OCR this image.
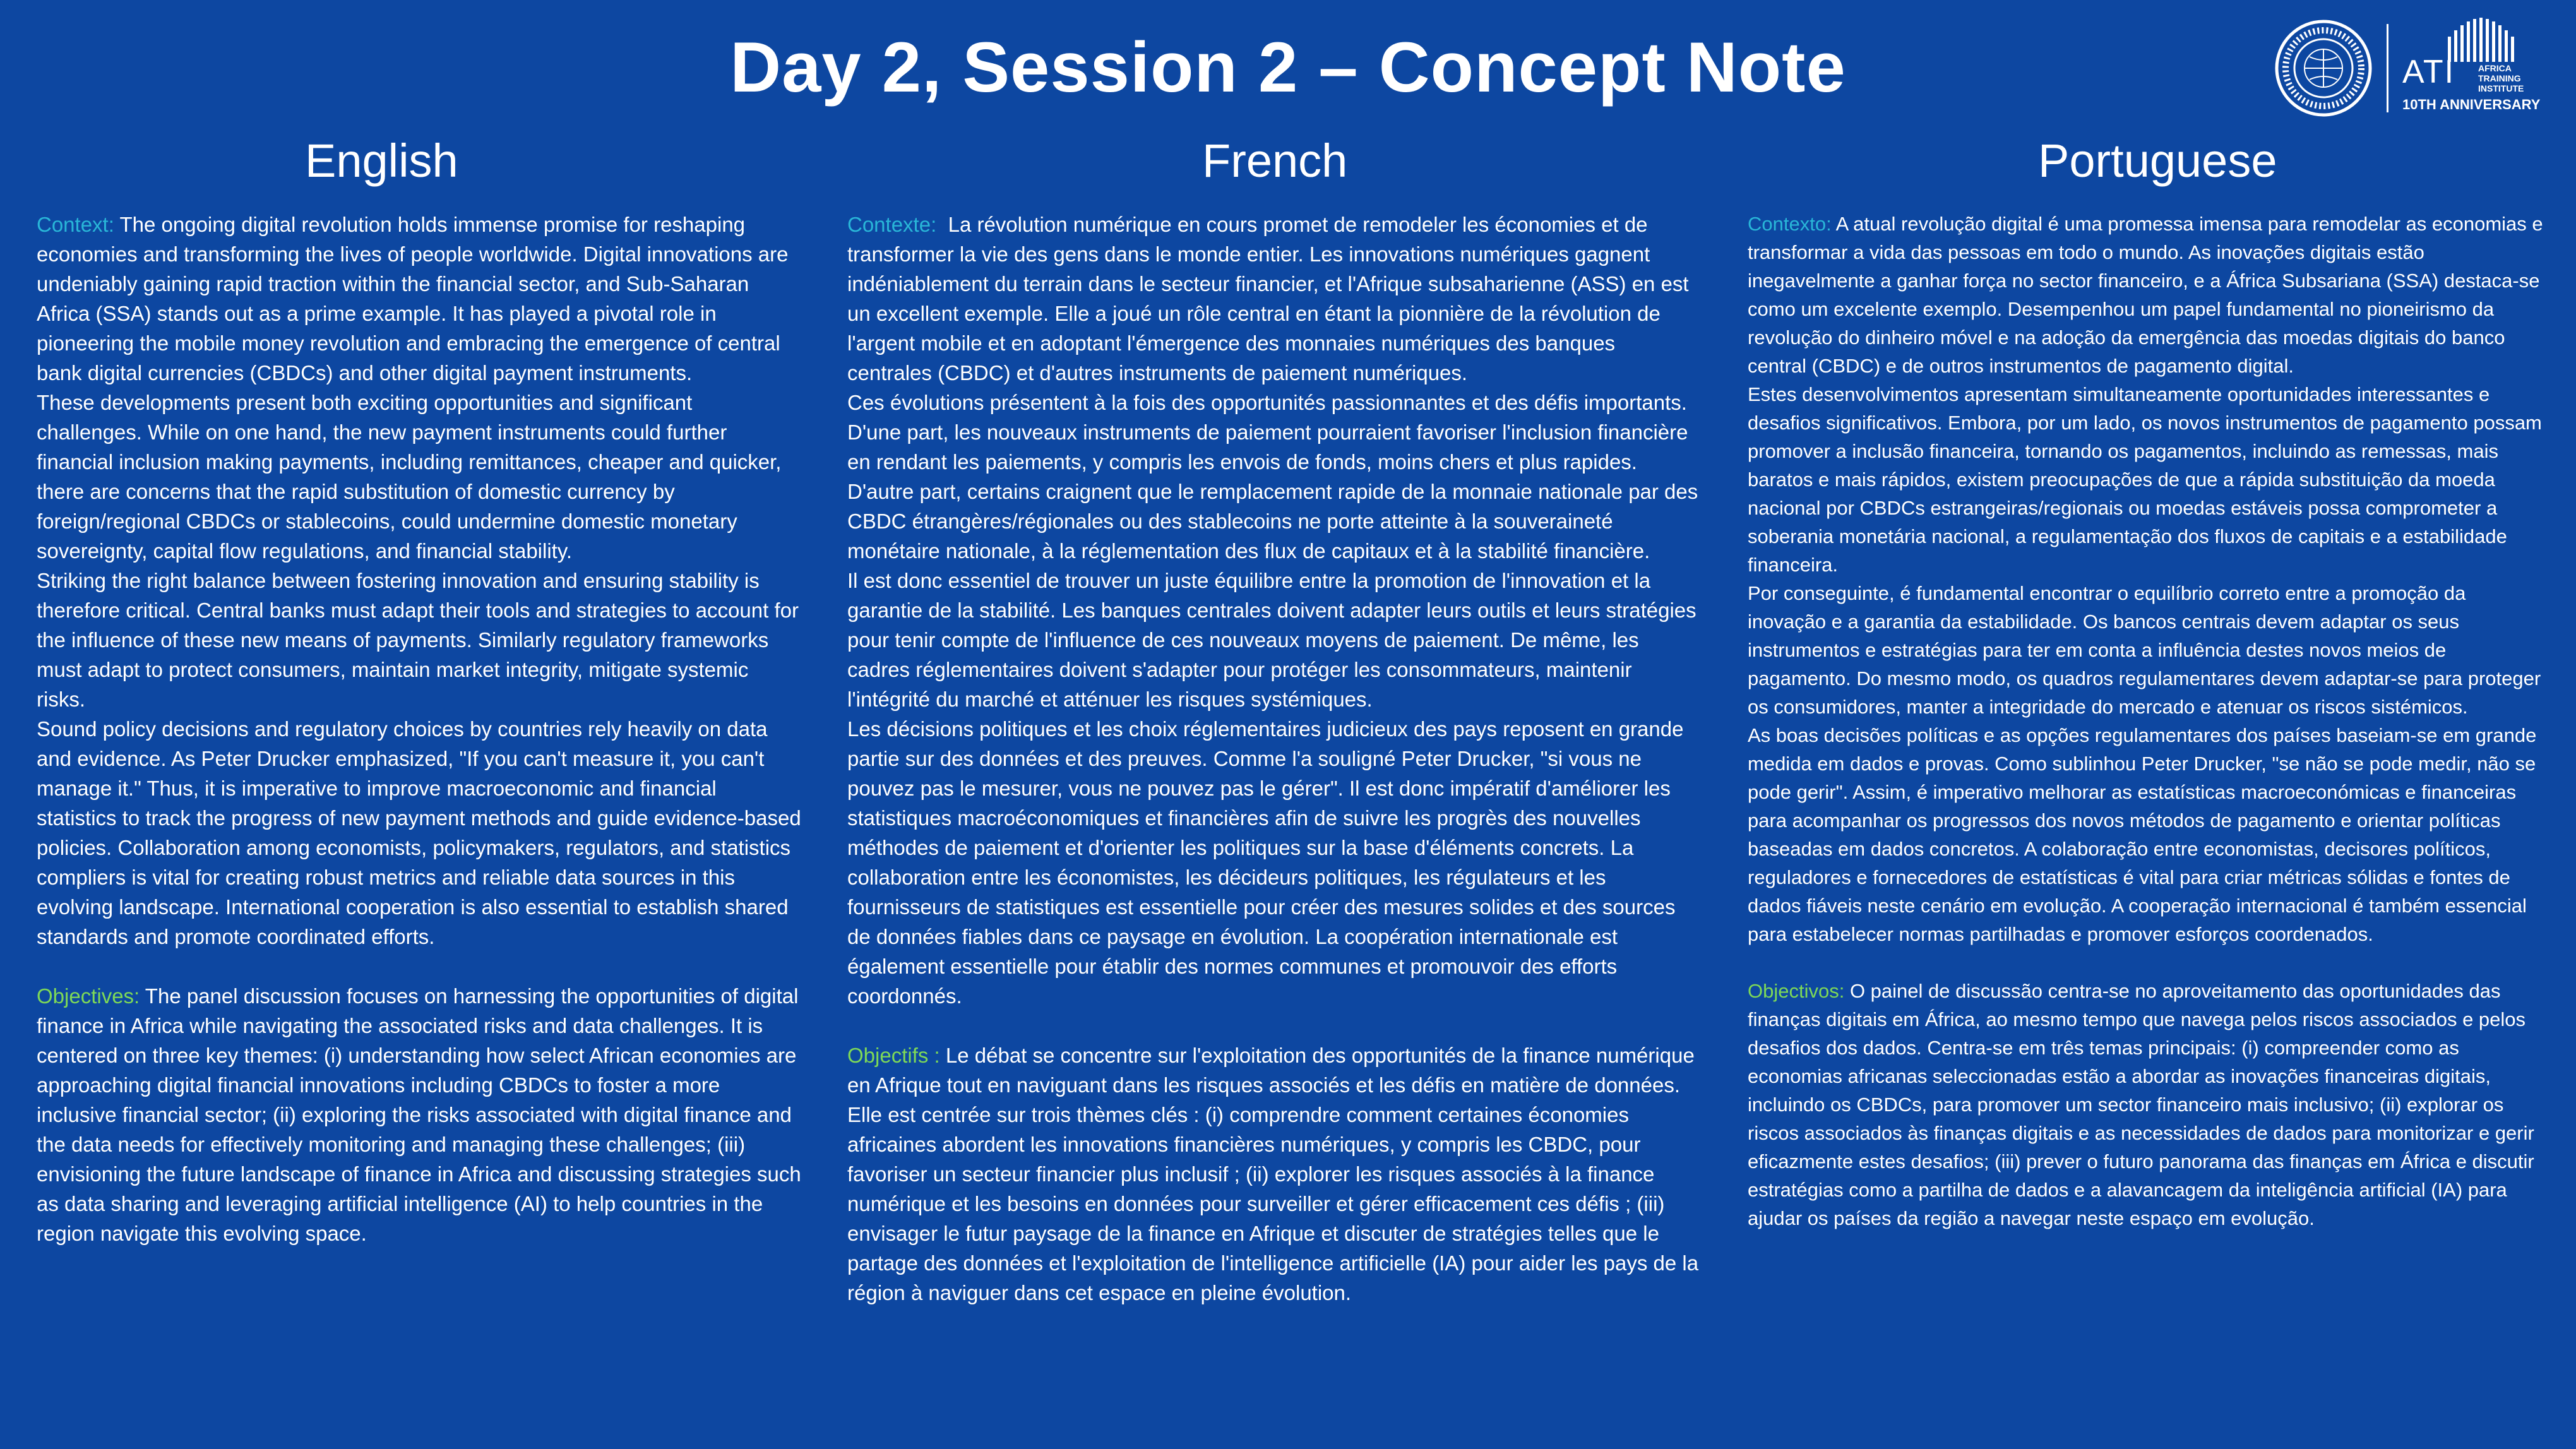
Day 2, Session 2 – Concept Note	ATI	AFRICA
TRAINING
INSTITUTE
10TH ANNIVERSARY
English

Context: The ongoing digital revolution holds immense promise for reshaping economies and transforming the lives of people worldwide. Digital innovations are undeniably gaining rapid traction within the financial sector, and Sub-Saharan Africa (SSA) stands out as a prime example. It has played a pivotal role in pioneering the mobile money revolution and embracing the emergence of central bank digital currencies (CBDCs) and other digital payment instruments.

These developments present both exciting opportunities and significant challenges. While on one hand, the new payment instruments could further financial inclusion making payments, including remittances, cheaper and quicker, there are concerns that the rapid substitution of domestic currency by foreign/regional CBDCs or stablecoins, could undermine domestic monetary sovereignty, capital flow regulations, and financial stability.

Striking the right balance between fostering innovation and ensuring stability is therefore critical. Central banks must adapt their tools and strategies to account for the influence of these new means of payments. Similarly regulatory frameworks must adapt to protect consumers, maintain market integrity, mitigate systemic risks.

Sound policy decisions and regulatory choices by countries rely heavily on data and evidence. As Peter Drucker emphasized, "If you can't measure it, you can't manage it." Thus, it is imperative to improve macroeconomic and financial statistics to track the progress of new payment methods and guide evidence-based policies. Collaboration among economists, policymakers, regulators, and statistics compliers is vital for creating robust metrics and reliable data sources in this evolving landscape. International cooperation is also essential to establish shared standards and promote coordinated efforts.

Objectives: The panel discussion focuses on harnessing the opportunities of digital finance in Africa while navigating the associated risks and data challenges. It is centered on three key themes: (i) understanding how select African economies are approaching digital financial innovations including CBDCs to foster a more inclusive financial sector; (ii) exploring the risks associated with digital finance and the data needs for effectively monitoring and managing these challenges; (iii) envisioning the future landscape of finance in Africa and discussing strategies such as data sharing and leveraging artificial intelligence (AI) to help countries in the region navigate this evolving space.

French

Contexte:  La révolution numérique en cours promet de remodeler les économies et de transformer la vie des gens dans le monde entier. Les innovations numériques gagnent indéniablement du terrain dans le secteur financier, et l'Afrique subsaharienne (ASS) en est un excellent exemple. Elle a joué un rôle central en étant la pionnière de la révolution de l'argent mobile et en adoptant l'émergence des monnaies numériques des banques centrales (CBDC) et d'autres instruments de paiement numériques.

Ces évolutions présentent à la fois des opportunités passionnantes et des défis importants. D'une part, les nouveaux instruments de paiement pourraient favoriser l'inclusion financière en rendant les paiements, y compris les envois de fonds, moins chers et plus rapides. D'autre part, certains craignent que le remplacement rapide de la monnaie nationale par des CBDC étrangères/régionales ou des stablecoins ne porte atteinte à la souveraineté monétaire nationale, à la réglementation des flux de capitaux et à la stabilité financière.

Il est donc essentiel de trouver un juste équilibre entre la promotion de l'innovation et la garantie de la stabilité. Les banques centrales doivent adapter leurs outils et leurs stratégies pour tenir compte de l'influence de ces nouveaux moyens de paiement. De même, les cadres réglementaires doivent s'adapter pour protéger les consommateurs, maintenir l'intégrité du marché et atténuer les risques systémiques.

Les décisions politiques et les choix réglementaires judicieux des pays reposent en grande partie sur des données et des preuves. Comme l'a souligné Peter Drucker, "si vous ne pouvez pas le mesurer, vous ne pouvez pas le gérer". Il est donc impératif d'améliorer les statistiques macroéconomiques et financières afin de suivre les progrès des nouvelles méthodes de paiement et d'orienter les politiques sur la base d'éléments concrets. La collaboration entre les économistes, les décideurs politiques, les régulateurs et les fournisseurs de statistiques est essentielle pour créer des mesures solides et des sources de données fiables dans ce paysage en évolution. La coopération internationale est également essentielle pour établir des normes communes et promouvoir des efforts coordonnés.

Objectifs : Le débat se concentre sur l'exploitation des opportunités de la finance numérique en Afrique tout en naviguant dans les risques associés et les défis en matière de données. Elle est centrée sur trois thèmes clés : (i) comprendre comment certaines économies africaines abordent les innovations financières numériques, y compris les CBDC, pour favoriser un secteur financier plus inclusif ; (ii) explorer les risques associés à la finance numérique et les besoins en données pour surveiller et gérer efficacement ces défis ; (iii) envisager le futur paysage de la finance en Afrique et discuter de stratégies telles que le partage des données et l'exploitation de l'intelligence artificielle (IA) pour aider les pays de la région à naviguer dans cet espace en pleine évolution.

Portuguese

Contexto: A atual revolução digital é uma promessa imensa para remodelar as economias e transformar a vida das pessoas em todo o mundo. As inovações digitais estão inegavelmente a ganhar força no sector financeiro, e a África Subsariana (SSA) destaca-se como um excelente exemplo. Desempenhou um papel fundamental no pioneirismo da revolução do dinheiro móvel e na adoção da emergência das moedas digitais do banco central (CBDC) e de outros instrumentos de pagamento digital.

Estes desenvolvimentos apresentam simultaneamente oportunidades interessantes e desafios significativos. Embora, por um lado, os novos instrumentos de pagamento possam promover a inclusão financeira, tornando os pagamentos, incluindo as remessas, mais baratos e mais rápidos, existem preocupações de que a rápida substituição da moeda nacional por CBDCs estrangeiras/regionais ou moedas estáveis possa comprometer a soberania monetária nacional, a regulamentação dos fluxos de capitais e a estabilidade financeira.

Por conseguinte, é fundamental encontrar o equilíbrio correto entre a promoção da inovação e a garantia da estabilidade. Os bancos centrais devem adaptar os seus instrumentos e estratégias para ter em conta a influência destes novos meios de pagamento. Do mesmo modo, os quadros regulamentares devem adaptar-se para proteger os consumidores, manter a integridade do mercado e atenuar os riscos sistémicos.

As boas decisões políticas e as opções regulamentares dos países baseiam-se em grande medida em dados e provas. Como sublinhou Peter Drucker, "se não se pode medir, não se pode gerir". Assim, é imperativo melhorar as estatísticas macroeconómicas e financeiras para acompanhar os progressos dos novos métodos de pagamento e orientar políticas baseadas em dados concretos. A colaboração entre economistas, decisores políticos, reguladores e fornecedores de estatísticas é vital para criar métricas sólidas e fontes de dados fiáveis neste cenário em evolução. A cooperação internacional é também essencial para estabelecer normas partilhadas e promover esforços coordenados.

Objectivos: O painel de discussão centra-se no aproveitamento das oportunidades das finanças digitais em África, ao mesmo tempo que navega pelos riscos associados e pelos desafios dos dados. Centra-se em três temas principais: (i) compreender como as economias africanas seleccionadas estão a abordar as inovações financeiras digitais, incluindo os CBDCs, para promover um sector financeiro mais inclusivo; (ii) explorar os riscos associados às finanças digitais e as necessidades de dados para monitorizar e gerir eficazmente estes desafios; (iii) prever o futuro panorama das finanças em África e discutir estratégias como a partilha de dados e a alavancagem da inteligência artificial (IA) para ajudar os países da região a navegar neste espaço em evolução.
